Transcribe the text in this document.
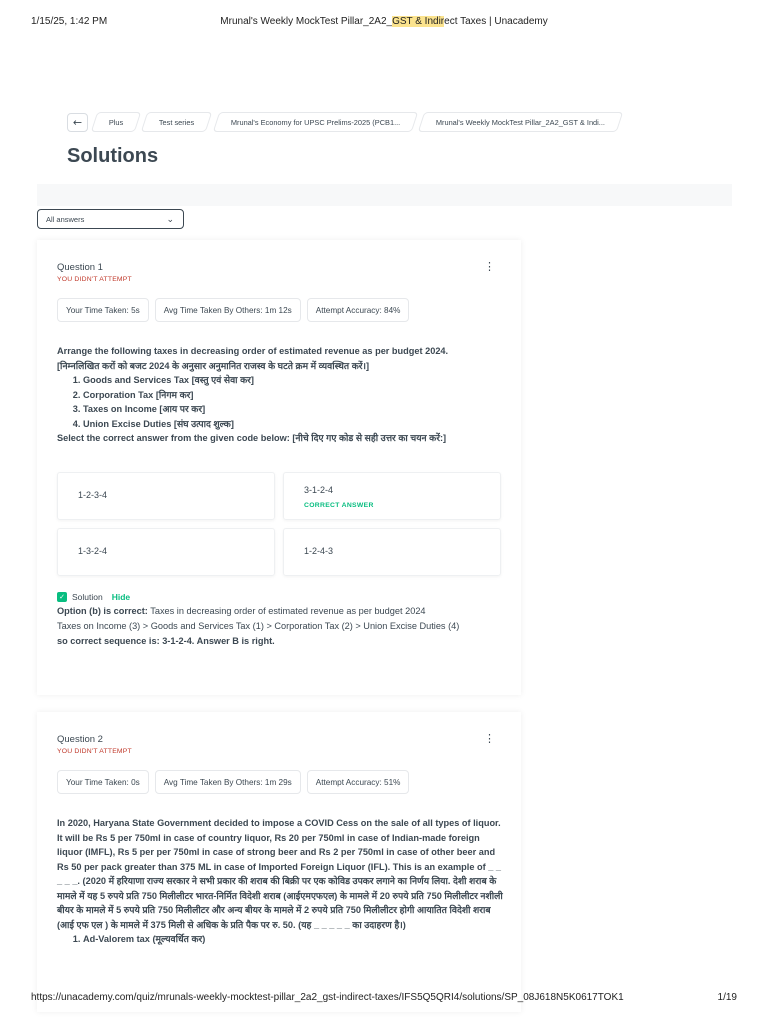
1/15/25, 1:42 PM	Mrunal's Weekly MockTest Pillar_2A2_GST & Indirect Taxes | Unacademy
←	Plus	Test series	Mrunal's Economy for UPSC Prelims-2025 (PCB1...	Mrunal's Weekly MockTest Pillar_2A2_GST & Indi...
Solutions
All answers	⌄
Question 1
YOU DIDN'T ATTEMPT
⋮
Your Time Taken: 5s	Avg Time Taken By Others: 1m 12s	Attempt Accuracy: 84%
Arrange the following taxes in decreasing order of estimated revenue as per budget 2024.
[निम्नलिखित करों को बजट 2024 के अनुसार अनुमानित राजस्व के घटते क्रम में व्यवस्थित करें।]
1. Goods and Services Tax [वस्तु एवं सेवा कर]
2. Corporation Tax [निगम कर]
3. Taxes on Income [आय पर कर]
4. Union Excise Duties [संघ उत्पाद शुल्क]
Select the correct answer from the given code below: [नीचे दिए गए कोड से सही उत्तर का चयन करें:]
1-2-3-4	3-1-2-4
CORRECT ANSWER
1-3-2-4	1-2-4-3
✓ Solution Hide
Option (b) is correct: Taxes in decreasing order of estimated revenue as per budget 2024
Taxes on Income (3) > Goods and Services Tax (1) > Corporation Tax (2) > Union Excise Duties (4)
so correct sequence is: 3-1-2-4. Answer B is right.
Question 2
YOU DIDN'T ATTEMPT
⋮
Your Time Taken: 0s	Avg Time Taken By Others: 1m 29s	Attempt Accuracy: 51%
In 2020, Haryana State Government decided to impose a COVID Cess on the sale of all types of liquor. It will be Rs 5 per 750ml in case of country liquor, Rs 20 per 750ml in case of Indian-made foreign liquor (IMFL), Rs 5 per per 750ml in case of strong beer and Rs 2 per 750ml in case of other beer and Rs 50 per pack greater than 375 ML in case of Imported Foreign Liquor (IFL). This is an example of _ _ _ _ _. (2020 में हरियाणा राज्य सरकार ने सभी प्रकार की शराब की बिक्री पर एक कोविड उपकर लगाने का निर्णय लिया. देशी शराब के मामले में यह 5 रुपये प्रति 750 मिलीलीटर भारत-निर्मित विदेशी शराब (आईएमएफएल) के मामले में 20 रुपये प्रति 750 मिलीलीटर नशीली बीयर के मामले में 5 रुपये प्रति 750 मिलीलीटर और अन्य बीयर के मामले में 2 रुपये प्रति 750 मिलीलीटर होगी आयातित विदेशी शराब (आई एफ एल ) के मामले में 375 मिली से अधिक के प्रति पैक पर रु. 50. (यह _ _ _ _ _ का उदाहरण है।)
1. Ad-Valorem tax (मूल्यवर्धित कर)
https://unacademy.com/quiz/mrunals-weekly-mocktest-pillar_2a2_gst-indirect-taxes/IFS5Q5QRI4/solutions/SP_08J618N5K0617TOK1	1/19
